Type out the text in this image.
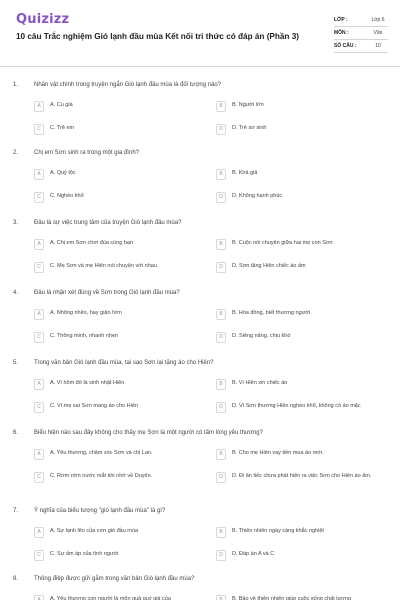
Quizizz
10 câu Trắc nghiệm Gió lạnh đầu mùa Kết nối tri thức có đáp án (Phần 3)
LỚP :	Lớp 6
MÔN :	Văn
SỐ CÂU :	10
1.	Nhân vật chính trong truyện ngắn Gió lạnh đầu mùa là đối tượng nào?
A	A. Cụ già	B	B. Người lớn
C	C. Trẻ em	D	D. Trẻ sơ sinh
2.	Chị em Sơn sinh ra trong một gia đình?
A	A. Quý tộc	B	B. Khá giả
C	C. Nghèo khổ	D	D. Không hạnh phúc
3.	Đâu là sự việc trung tâm của truyện Gió lạnh đầu mùa?
A	A. Chị em Sơn chơi đùa cùng bạn	B	B. Cuộc nói chuyện giữa hai mẹ con Sơn
C	C. Mẹ Sơn và mẹ Hiên nói chuyện với nhau	D	D. Sơn tặng Hiên chiếc áo ấm
4.	Đâu là nhận xét đúng về Sơn trong Gió lạnh đầu mùa?
A	A. Nhõng nhẽo, hay giận hờn	B	B. Hòa đồng, biết thương người
C	C. Thông minh, nhanh nhẹn	D	D. Siêng năng, chịu khó
5.	Trong văn bản Gió lạnh đầu mùa, tại sao Sơn lại tặng áo cho Hiên?
A	A. Vì hôm đó là sinh nhật Hiên	B	B. Vì Hiên xin chiếc áo
C	C. Vì mẹ sai Sơn mang áo cho Hiên	D	D. Vì Sơn thương Hiên nghèo khổ, không có áo mặc
6.	Biểu hiện nào sau đây không cho thấy mẹ Sơn là một người có tấm lòng yêu thương?
A	A. Yêu thương, chăm sóc Sơn và chị Lan.	B	B. Cho mẹ Hiên vay tiền mua áo mới.
C	C. Rơm rớm nước mắt khi nhớ về Duyên.	D	D. Đi ân tiếc chưa phát hiện ra việc Sơn cho Hiên áo ấm.
7.	Ý nghĩa của biểu tượng "gió lạnh đầu mùa" là gì?
A	A. Sự lạnh lẽo của cơn gió đầu mùa	B	B. Thiên nhiên ngày càng khắc nghiệt
C	C. Sự ấm áp của tình người	D	D. Đáp án A và C
8.	Thông điệp được gửi gắm trong văn bản Gió lạnh đầu mùa?
A	A. Yêu thương con người là môn quà quý giá của	B	B. Bảo vệ thiên nhiên giúp cuộc sống chất lượng
